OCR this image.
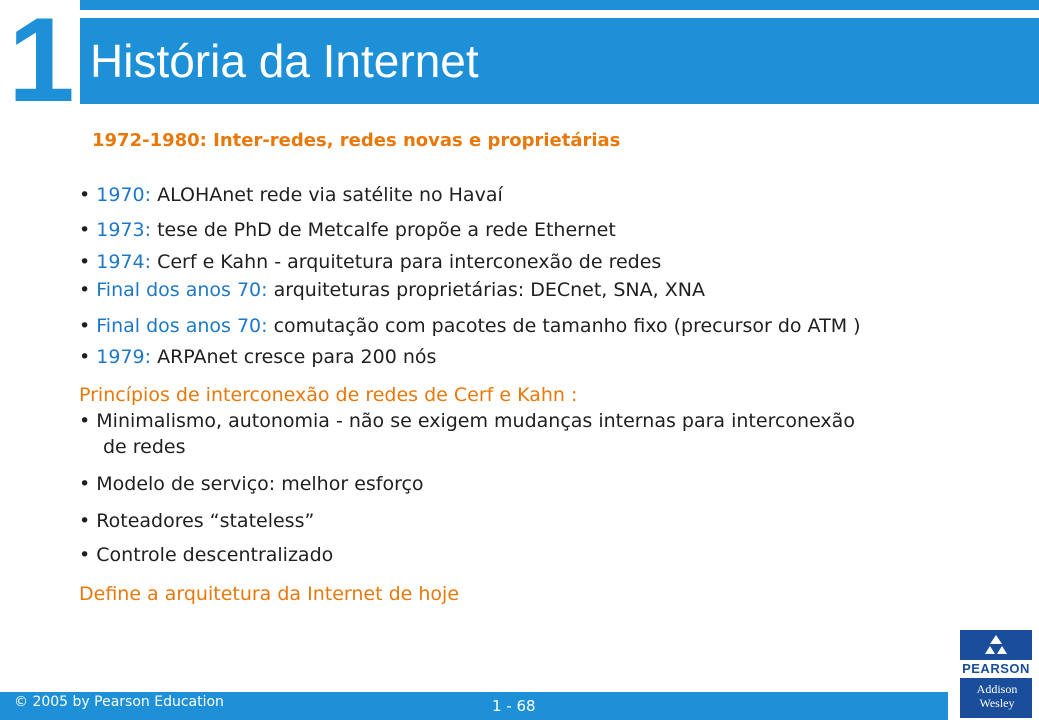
1 História da Internet
1972-1980: Inter-redes, redes novas e proprietárias
• 1970: ALOHAnet rede via satélite no Havaí
• 1973: tese de PhD de Metcalfe propõe a rede Ethernet
• 1974: Cerf e Kahn - arquitetura para interconexão de redes
• Final dos anos 70: arquiteturas proprietárias: DECnet, SNA, XNA
• Final dos anos 70: comutação com pacotes de tamanho fixo (precursor do ATM )
• 1979: ARPAnet cresce para 200 nós
Princípios de interconexão de redes de Cerf e Kahn :
• Minimalismo, autonomia - não se exigem mudanças internas para interconexão
de redes
• Modelo de serviço: melhor esforço
• Roteadores “stateless”
• Controle descentralizado
Define a arquitetura da Internet de hoje
© 2005 by Pearson Education	1 - 68
PEARSON
Addison
Wesley
